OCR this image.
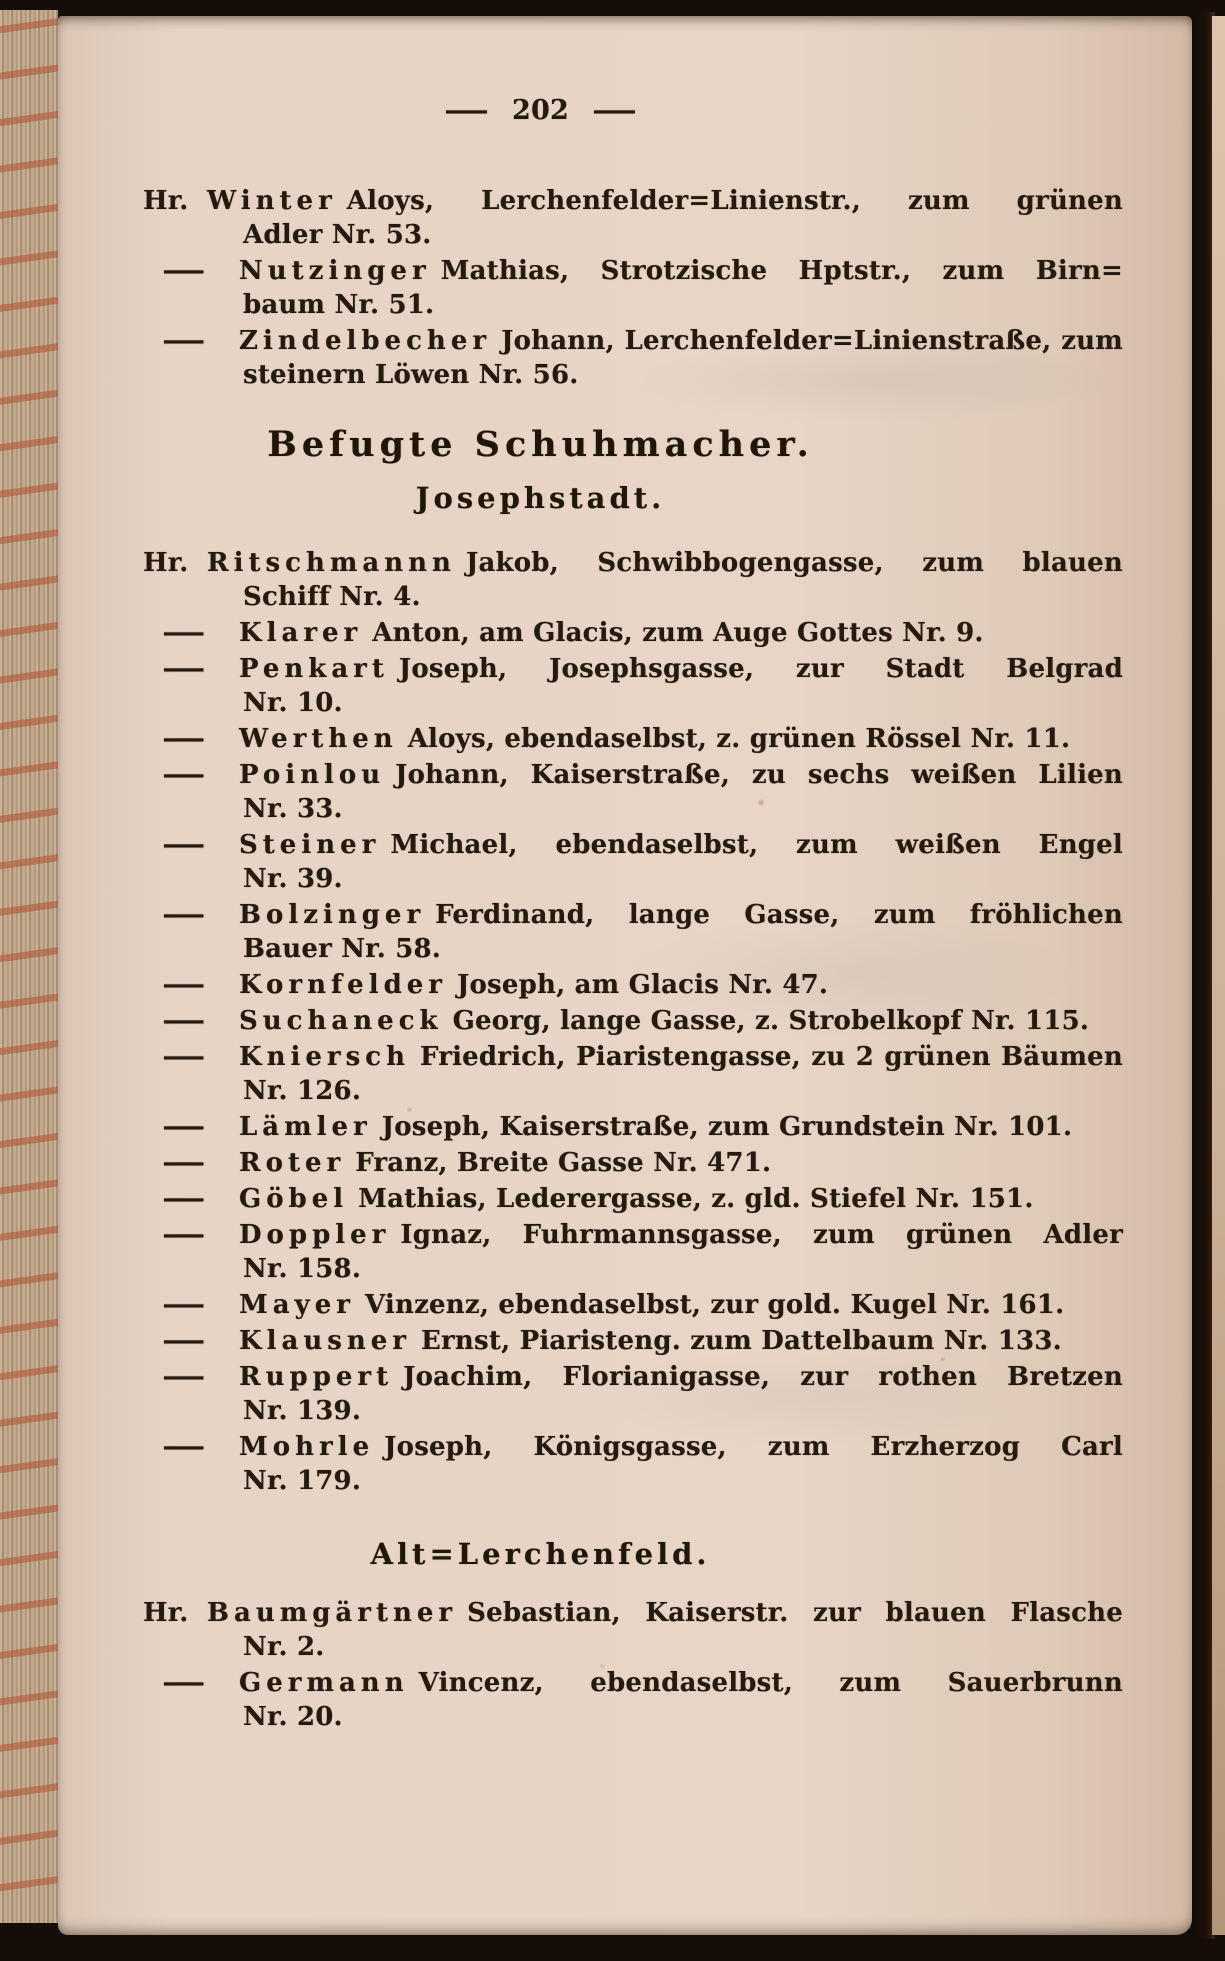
— 202 —
Hr. Winter Aloys, Lerchenfelder=Linienstr., zum grünen
Adler Nr. 53.
— Nutzinger Mathias, Strotzische Hptstr., zum Birn=
baum Nr. 51.
— Zindelbecher Johann, Lerchenfelder=Linienstraße, zum
steinern Löwen Nr. 56.
Befugte Schuhmacher.
Josephstadt.
Hr. Ritschmannn Jakob, Schwibbogengasse, zum blauen
Schiff Nr. 4.
— Klarer Anton, am Glacis, zum Auge Gottes Nr. 9.
— Penkart Joseph, Josephsgasse, zur Stadt Belgrad
Nr. 10.
— Werthen Aloys, ebendaselbst, z. grünen Rössel Nr. 11.
— Poinlou Johann, Kaiserstraße, zu sechs weißen Lilien
Nr. 33.
— Steiner Michael, ebendaselbst, zum weißen Engel
Nr. 39.
— Bolzinger Ferdinand, lange Gasse, zum fröhlichen
Bauer Nr. 58.
— Kornfelder Joseph, am Glacis Nr. 47.
— Suchaneck Georg, lange Gasse, z. Strobelkopf Nr. 115.
— Kniersch Friedrich, Piaristengasse, zu 2 grünen Bäumen
Nr. 126.
— Lämler Joseph, Kaiserstraße, zum Grundstein Nr. 101.
— Roter Franz, Breite Gasse Nr. 471.
— Göbel Mathias, Lederergasse, z. gld. Stiefel Nr. 151.
— Doppler Ignaz, Fuhrmannsgasse, zum grünen Adler
Nr. 158.
— Mayer Vinzenz, ebendaselbst, zur gold. Kugel Nr. 161.
— Klausner Ernst, Piaristeng. zum Dattelbaum Nr. 133.
— Ruppert Joachim, Florianigasse, zur rothen Bretzen
Nr. 139.
— Mohrle Joseph, Königsgasse, zum Erzherzog Carl
Nr. 179.
Alt=Lerchenfeld.
Hr. Baumgärtner Sebastian, Kaiserstr. zur blauen Flasche
Nr. 2.
— Germann Vincenz, ebendaselbst, zum Sauerbrunn
Nr. 20.
